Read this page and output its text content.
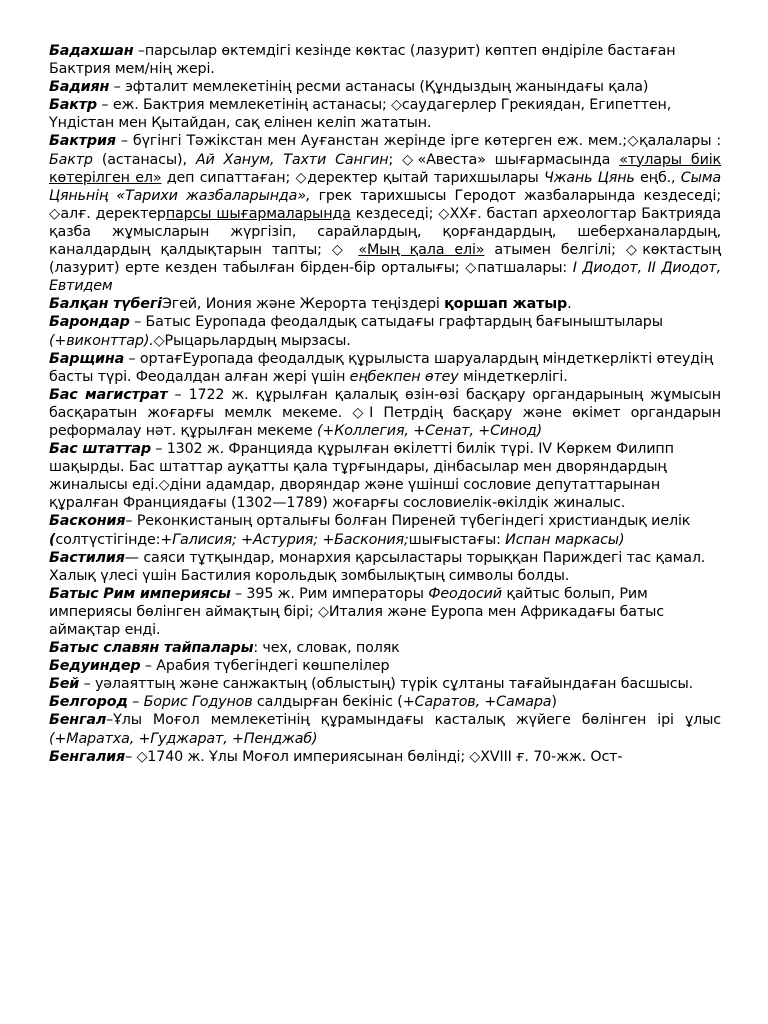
Бадахшан –парсылар өктемдігі кезінде көктас (лазурит) көптеп өндіріле бастаған Бактрия мем/нің жері.

Бадиян – эфталит мемлекетінің ресми астанасы (Құндыздың жанындағы қала)

Бактр – еж. Бактрия мемлекетінің астанасы; ◇саудагерлер Грекиядан, Египеттен, Үндістан мен Қытайдан, сақ елінен келіп жататын.

Бактрия – бүгінгі Тәжікстан мен Ауғанстан жерінде ірге көтерген еж. мем.;◇қалалары : Бактр (астанасы), Ай Ханум, Тахти Сангин; ◇«Авеста» шығармасында «тулары биік көтерілген ел» деп сипаттаған; ◇деректер қытай тарихшылары Чжань Цянь еңб., Сыма Цяньнің «Тарихи жазбаларында», грек тарихшысы Геродот жазбаларында кездеседі; ◇алғ. деректерпарсы шығармаларында кездеседі; ◇ХХғ. бастап археологтар Бактрияда қазба жұмысларын жүргізіп, сарайлардың, қорғандардың, шеберханалардың, каналдардың қалдықтарын тапты; ◇ «Мың қала елі» атымен белгілі; ◇көктастың (лазурит) ерте кезден табылған бірден-бір орталығы; ◇патшалары: I Диодот, II Диодот, Евтидем

Балқан түбегіЭгей, Иония және Жерорта теңіздері қоршап жатыр.

Барондар – Батыс Еуропада феодалдық сатыдағы графтардың бағыныштылары (+виконттар).◇Рыцарьлардың мырзасы.

Барщина – ортағЕуропада феодалдық құрылыста шаруалардың міндеткерлікті өтеудің басты түрі. Феодалдан алған жері үшін еңбекпен өтеу міндеткерлігі.

Бас магистрат – 1722 ж. құрылған қалалық өзін-өзі басқару органдарының жұмысын басқаратын жоғарғы мемлк мекеме. ◇I Петрдің басқару және өкімет органдарын реформалау нәт. құрылған мекеме (+Коллегия, +Сенат, +Синод)

Бас штаттар – 1302 ж. Францияда құрылған өкілетті билік түрі. IV Көркем Филипп шақырды. Бас штаттар ауқатты қала тұрғындары, дінбасылар мен дворяндардың жиналысы еді.◇діни адамдар, дворяндар және үшінші сословие депутаттарынан құралған Франциядағы (1302—1789) жоғарғы сословиелік-өкілдік жиналыс.

Баскония– Реконкистаның орталығы болған Пиреней түбегіндегі христиандық иелік (солтүстігінде:+Галисия; +Астурия; +Баскония;шығыстағы: Испан маркасы)

Бастилия— саяси тұтқындар, монархия қарсыластары торыққан Париждегі тас қамал. Халық үлесі үшін Бастилия корольдық зомбылықтың символы болды.

Батыс Рим империясы – 395 ж. Рим императоры Феодосий қайтыс болып, Рим империясы бөлінген аймақтың бірі; ◇Италия және Еуропа мен Африкадағы батыс аймақтар енді.

Батыс славян тайпалары: чех, словак, поляк

Бедуиндер – Арабия түбегіндегі көшпелілер

Бей – уәлаяттың және санжактың (облыстың) түрік сұлтаны тағайындаған басшысы.

Белгород – Борис Годунов салдырған бекініс (+Саратов, +Самара)

Бенгал–Ұлы Моғол мемлекетінің құрамындағы касталық жүйеге бөлінген ірі ұлыс (+Маратха, +Гуджарат, +Пенджаб)

Бенгалия– ◇1740 ж. Ұлы Моғол империясынан бөлінді; ◇XVIII ғ. 70-жж. Ост-
